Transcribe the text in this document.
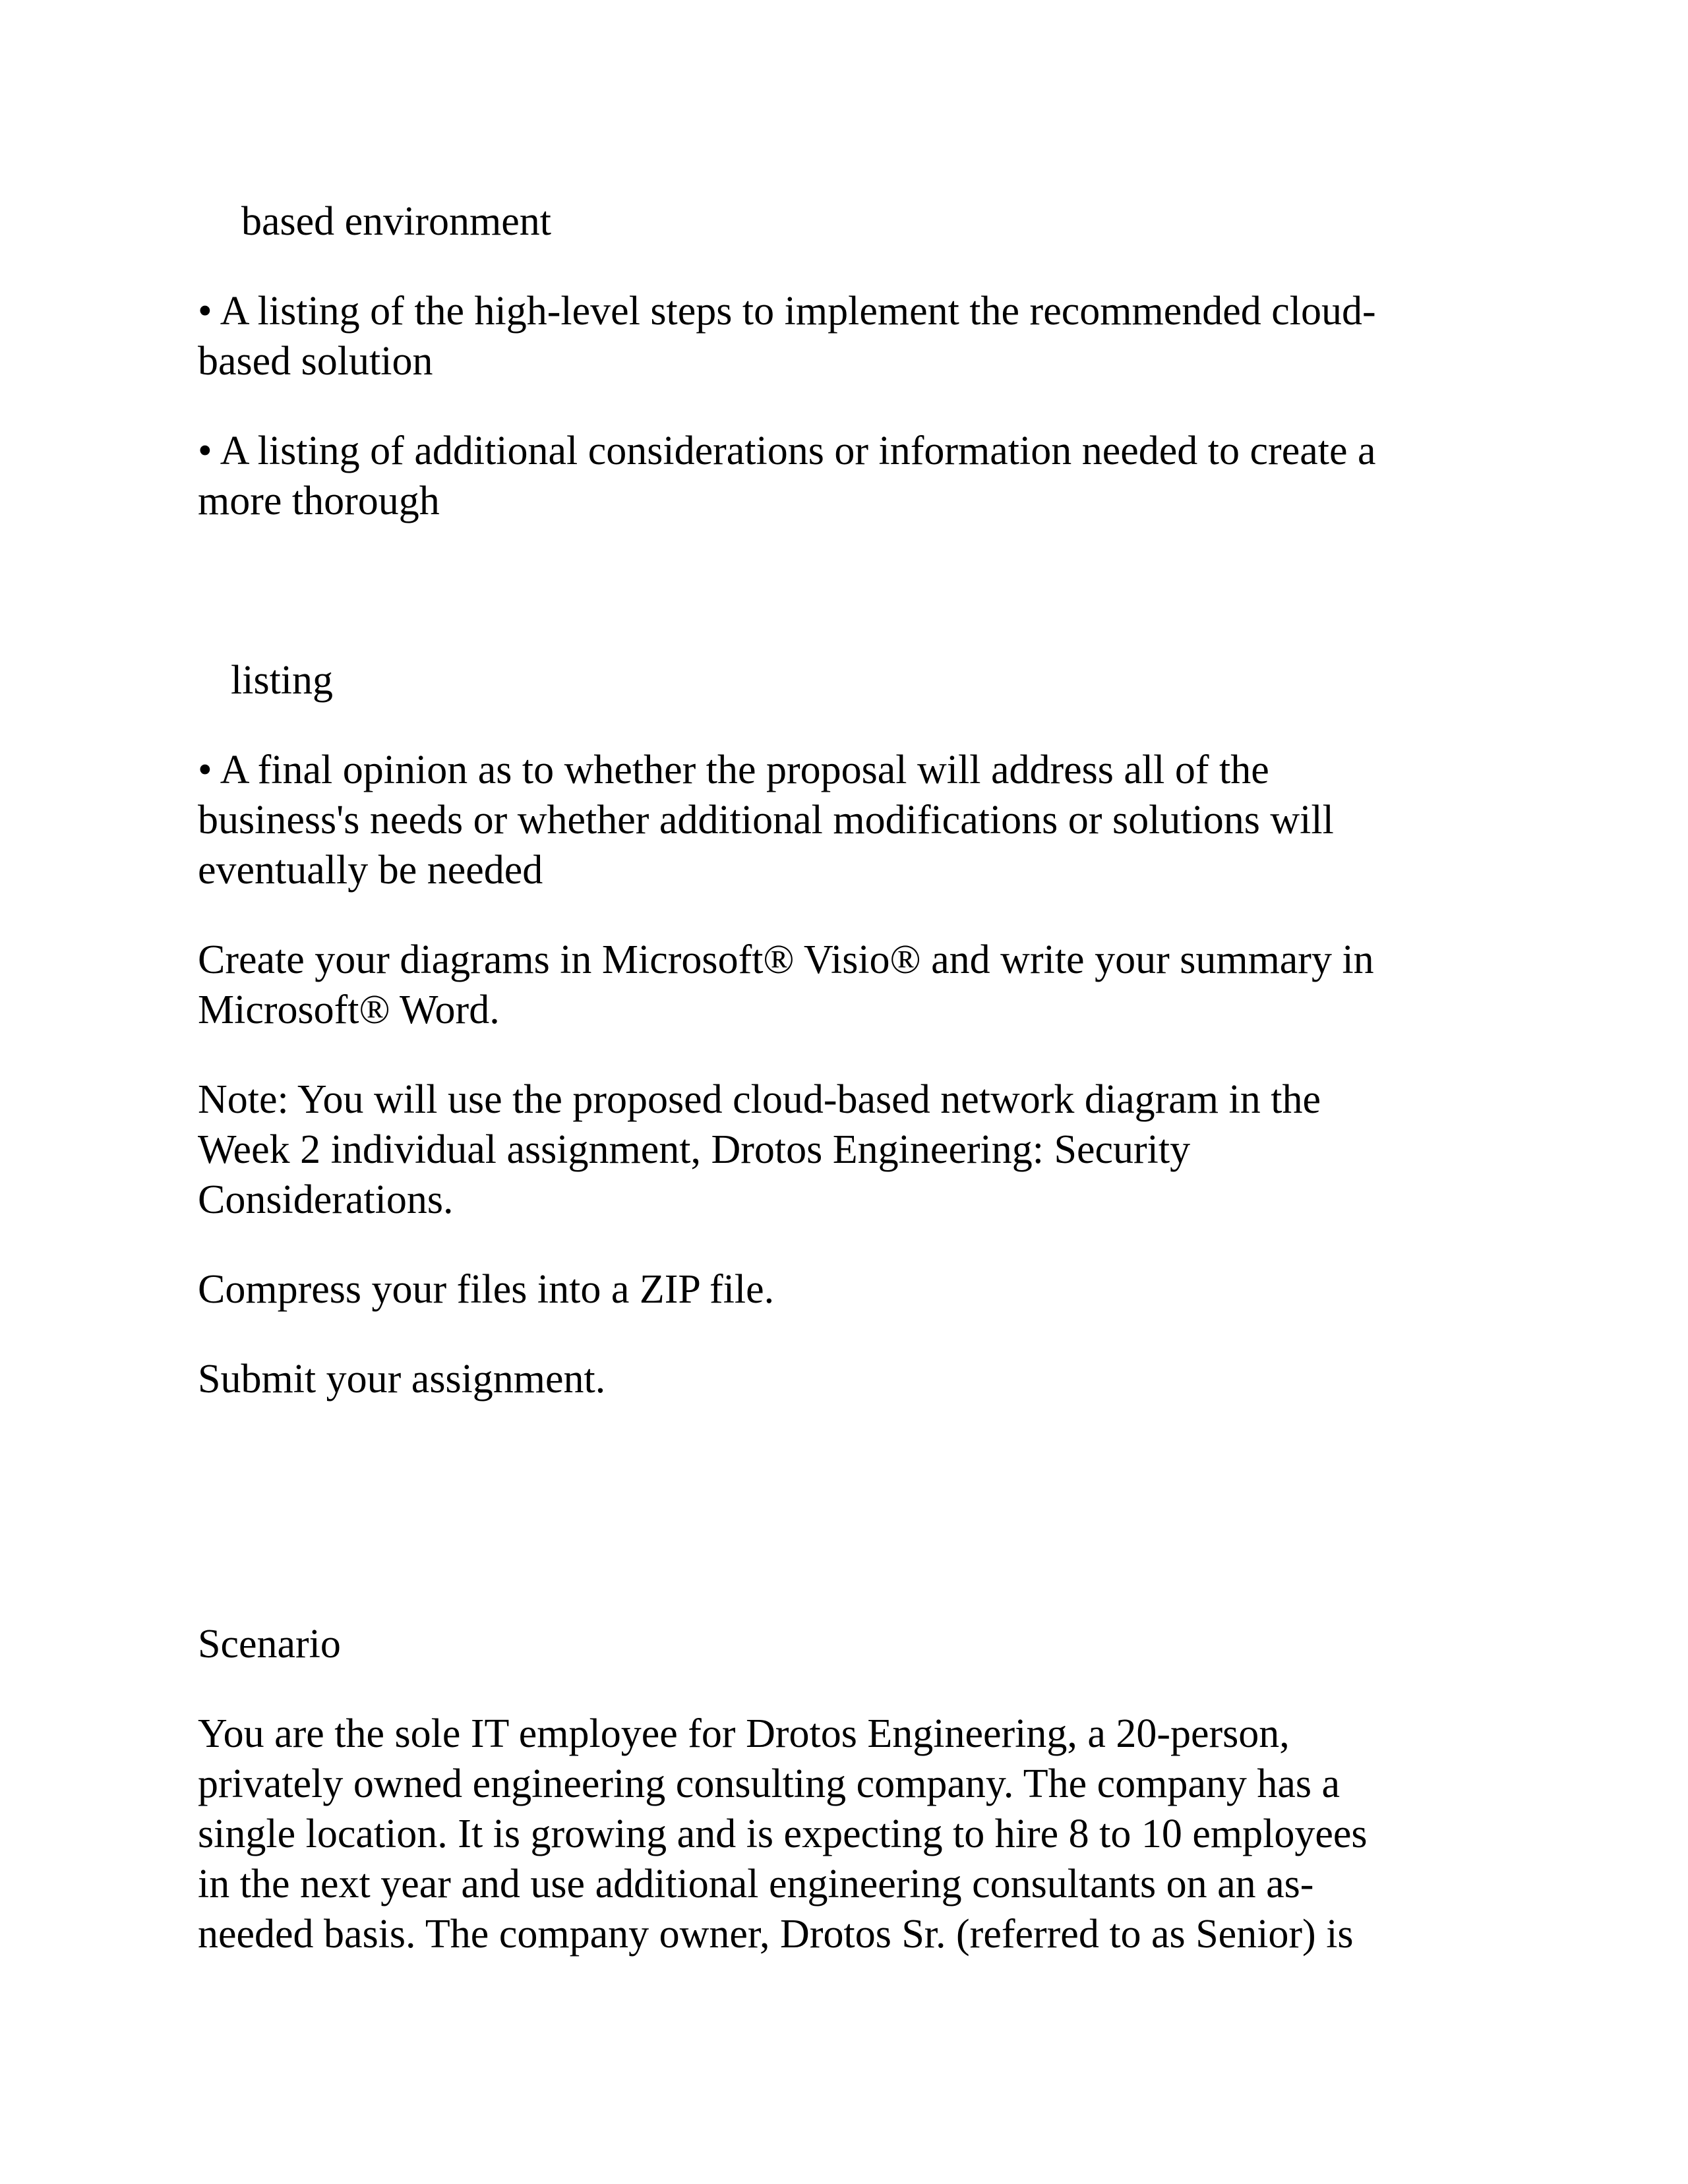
based environment

• A listing of the high-level steps to implement the recommended cloud-
based solution

• A listing of additional considerations or information needed to create a
more thorough

listing

• A final opinion as to whether the proposal will address all of the
business's needs or whether additional modifications or solutions will
eventually be needed

Create your diagrams in Microsoft® Visio® and write your summary in
Microsoft® Word.

Note: You will use the proposed cloud-based network diagram in the
Week 2 individual assignment, Drotos Engineering: Security
Considerations.

Compress your files into a ZIP file.

Submit your assignment.

Scenario

You are the sole IT employee for Drotos Engineering, a 20-person,
privately owned engineering consulting company. The company has a
single location. It is growing and is expecting to hire 8 to 10 employees
in the next year and use additional engineering consultants on an as-
needed basis. The company owner, Drotos Sr. (referred to as Senior) is
